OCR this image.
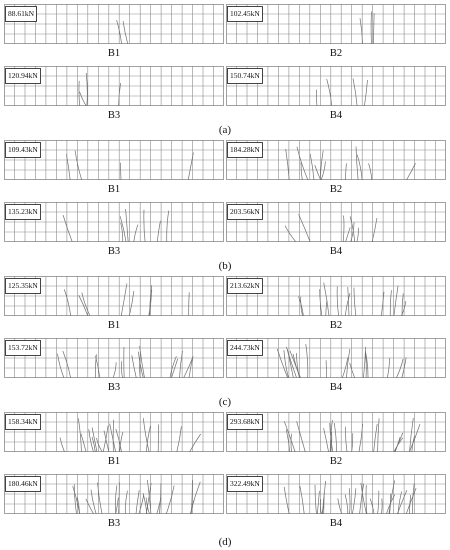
88.61kN
B1
102.45kN
B2
120.94kN
B3
150.74kN
B4
(a)
109.43kN
B1
184.28kN
B2
135.23kN
B3
203.56kN
B4
(b)
125.35kN
B1
213.62kN
B2
153.72kN
B3
244.73kN
B4
(c)
158.34kN
B1
293.68kN
B2
180.46kN
B3
322.49kN
B4
(d)
